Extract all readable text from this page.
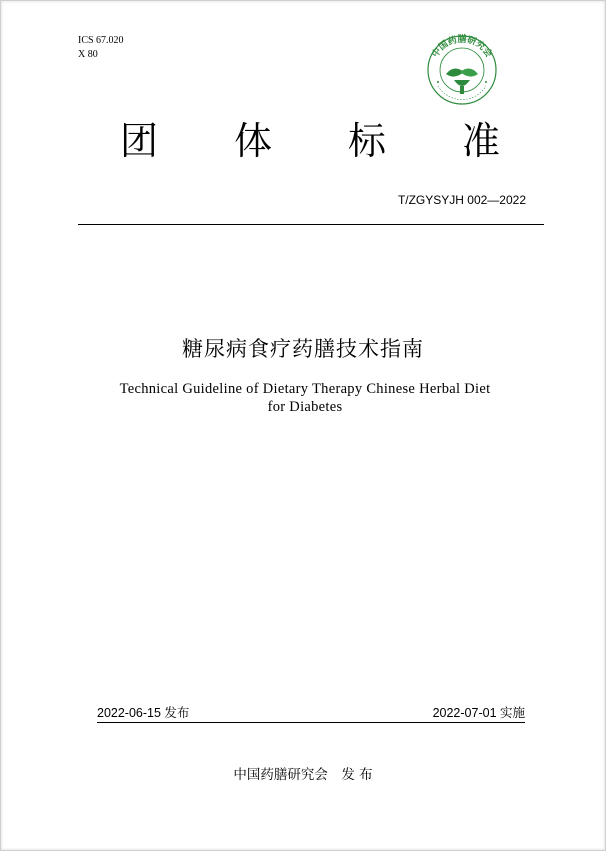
ICS 67.020
X 80	中国药膳研究会
团 体 标 准
T/ZGYSYJH 002—2022
糖尿病食疗药膳技术指南
Technical Guideline of Dietary Therapy Chinese Herbal Diet
for Diabetes
2022-06-15 发布	2022-07-01 实施
中国药膳研究会　发 布
